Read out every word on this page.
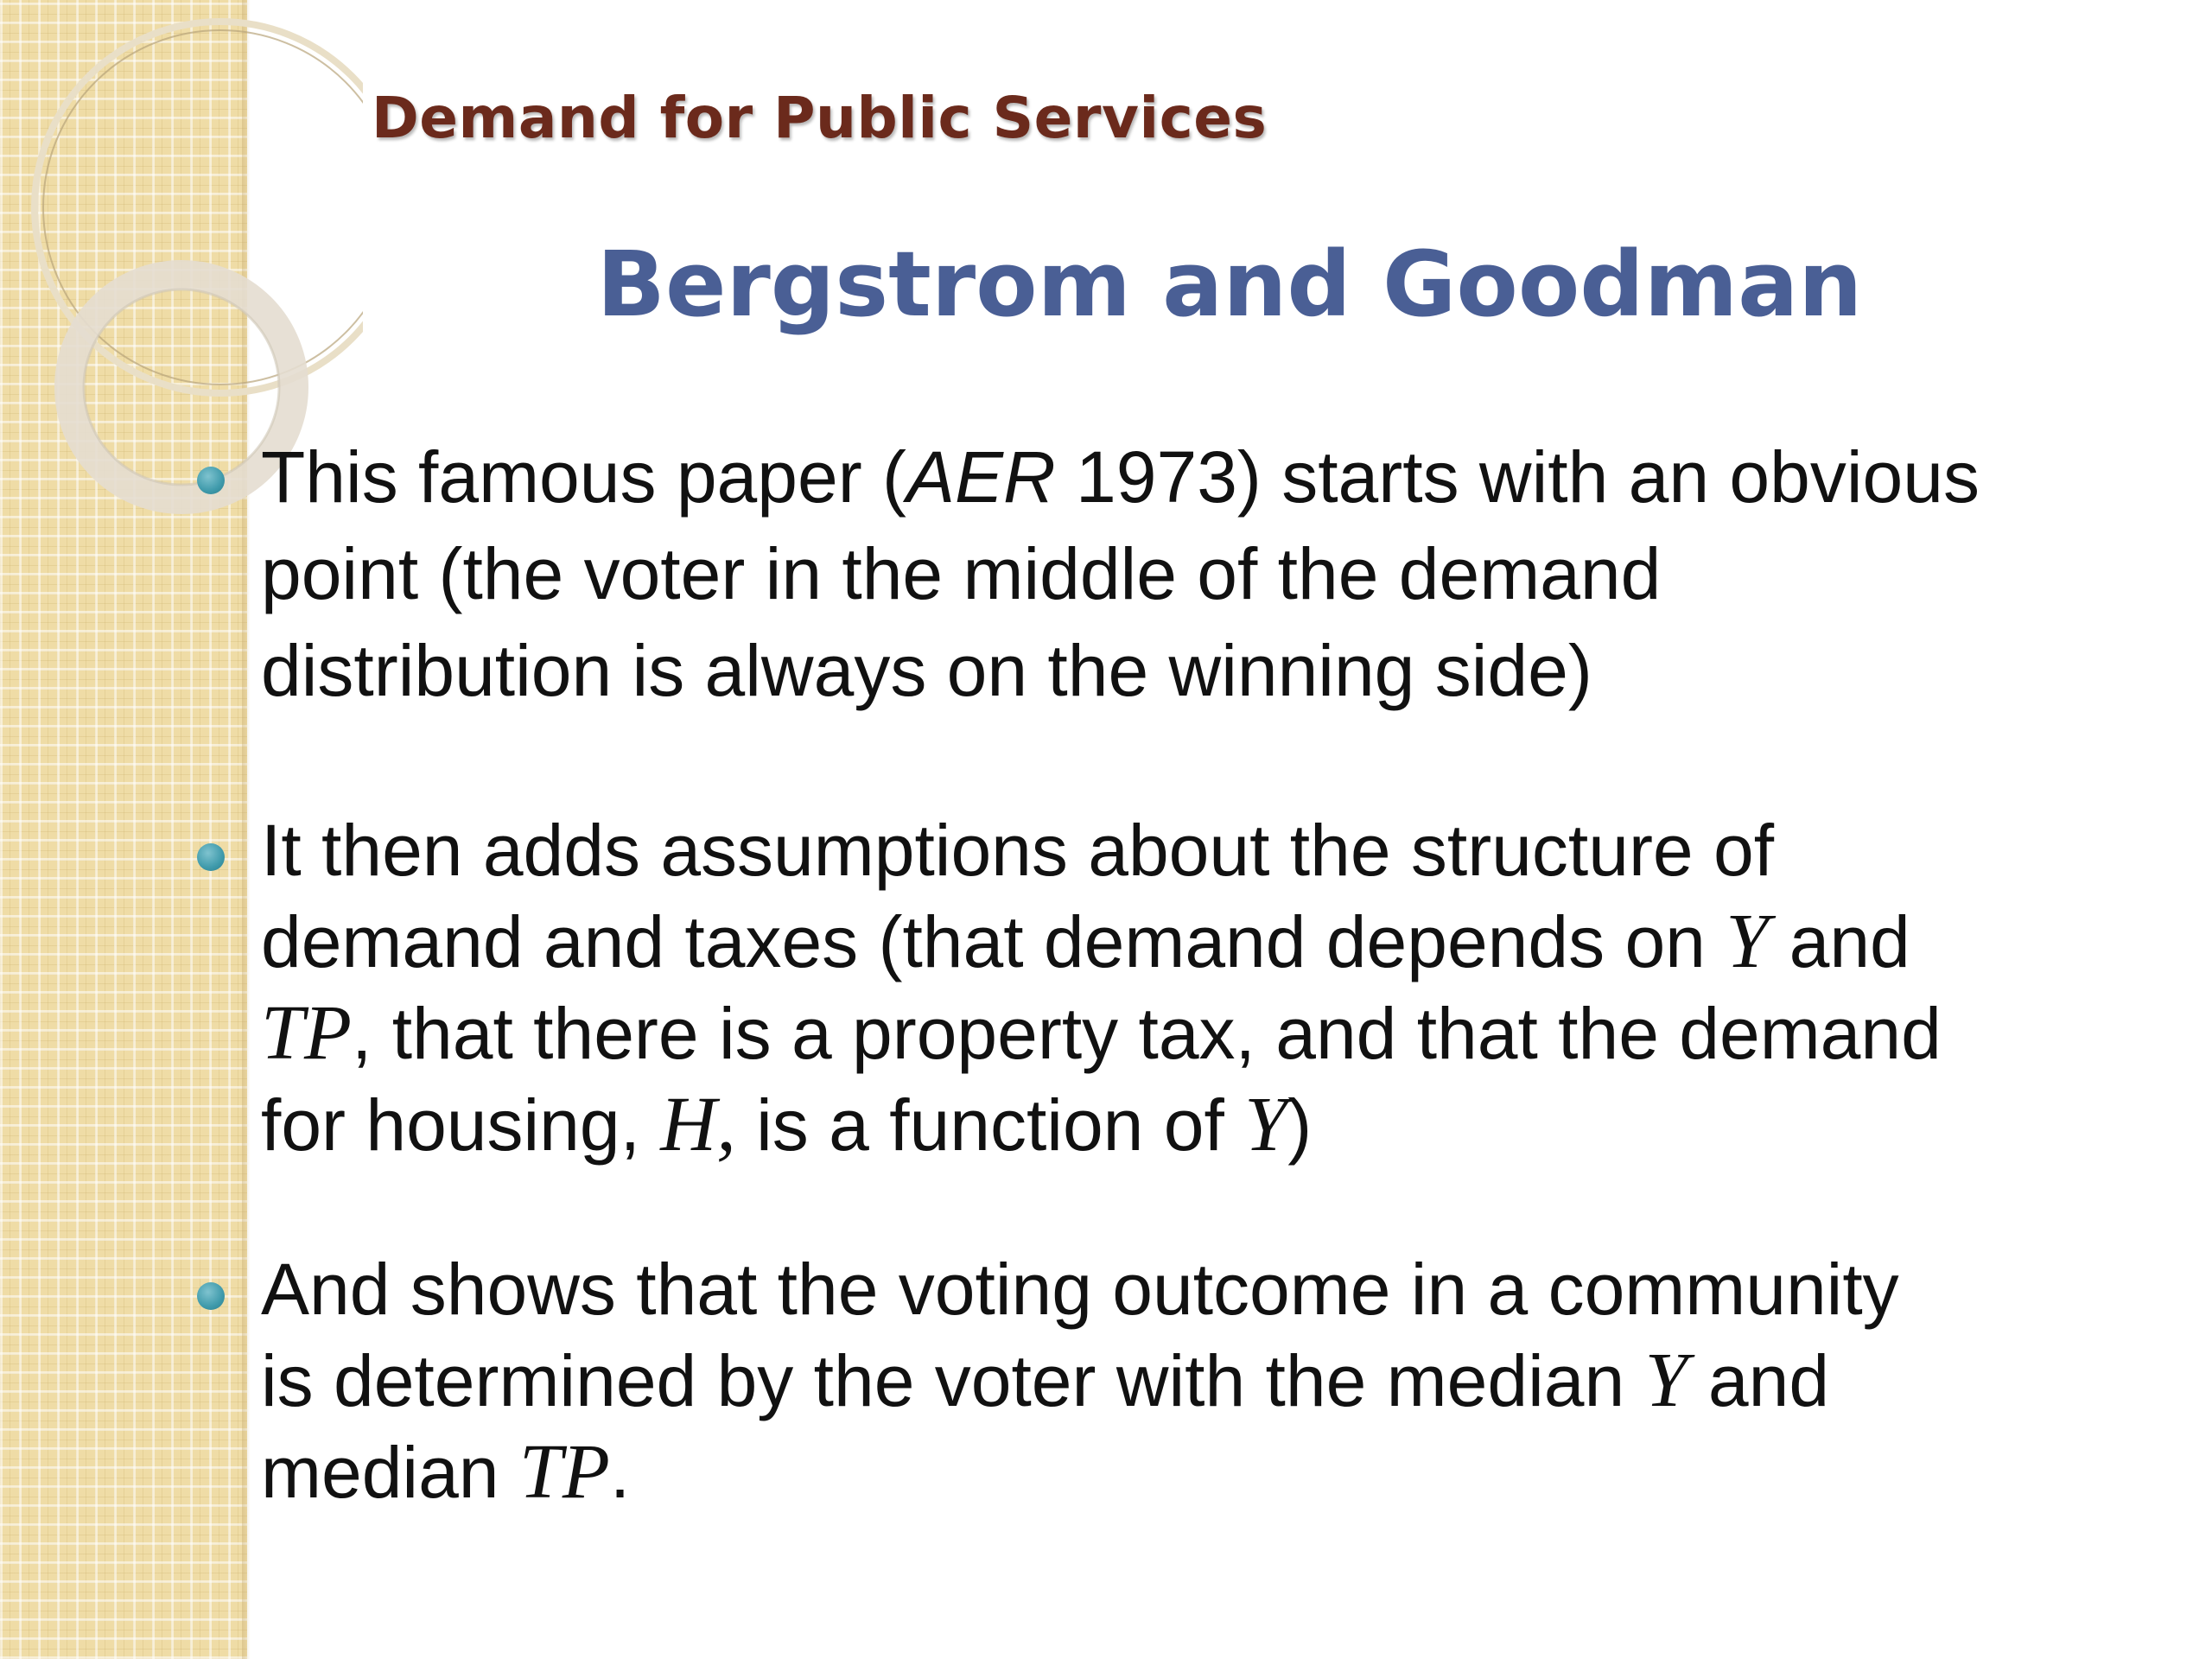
Demand for Public Services
Bergstrom and Goodman
This famous paper (AER 1973) starts with an obvious
point (the voter in the middle of the demand
distribution is always on the winning side)
It then adds assumptions about the structure of
demand and taxes (that demand depends on Y and
TP, that there is a property tax, and that the demand
for housing, H, is a function of Y)
And shows that the voting outcome in a community
is determined by the voter with the median Y and
median TP.
